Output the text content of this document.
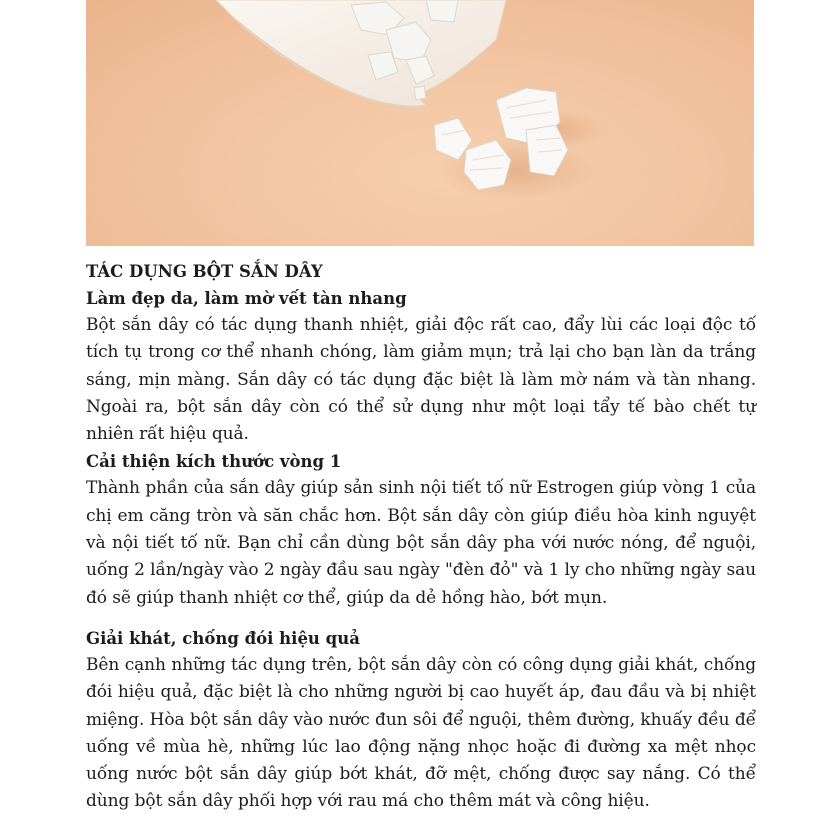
TÁC DỤNG BỘT SẮN DÂY
Làm đẹp da, làm mờ vết tàn nhang

Bột sắn dây có tác dụng thanh nhiệt, giải độc rất cao, đẩy lùi các loại độc tố tích tụ trong cơ thể nhanh chóng, làm giảm mụn; trả lại cho bạn làn da trắng sáng, mịn màng. Sắn dây có tác dụng đặc biệt là làm mờ nám và tàn nhang. Ngoài ra, bột sắn dây còn có thể sử dụng như một loại tẩy tế bào chết tự nhiên rất hiệu quả.

Cải thiện kích thước vòng 1

Thành phần của sắn dây giúp sản sinh nội tiết tố nữ Estrogen giúp vòng 1 của chị em căng tròn và săn chắc hơn. Bột sắn dây còn giúp điều hòa kinh nguyệt và nội tiết tố nữ. Bạn chỉ cần dùng bột sắn dây pha với nước nóng, để nguội, uống 2 lần/ngày vào 2 ngày đầu sau ngày "đèn đỏ" và 1 ly cho những ngày sau đó sẽ giúp thanh nhiệt cơ thể, giúp da dẻ hồng hào, bớt mụn.

Giải khát, chống đói hiệu quả

Bên cạnh những tác dụng trên, bột sắn dây còn có công dụng giải khát, chống đói hiệu quả, đặc biệt là cho những người bị cao huyết áp, đau đầu và bị nhiệt miệng. Hòa bột sắn dây vào nước đun sôi để nguội, thêm đường, khuấy đều để uống về mùa hè, những lúc lao động nặng nhọc hoặc đi đường xa mệt nhọc uống nước bột sắn dây giúp bớt khát, đỡ mệt, chống được say nắng. Có thể dùng bột sắn dây phối hợp với rau má cho thêm mát và công hiệu.
